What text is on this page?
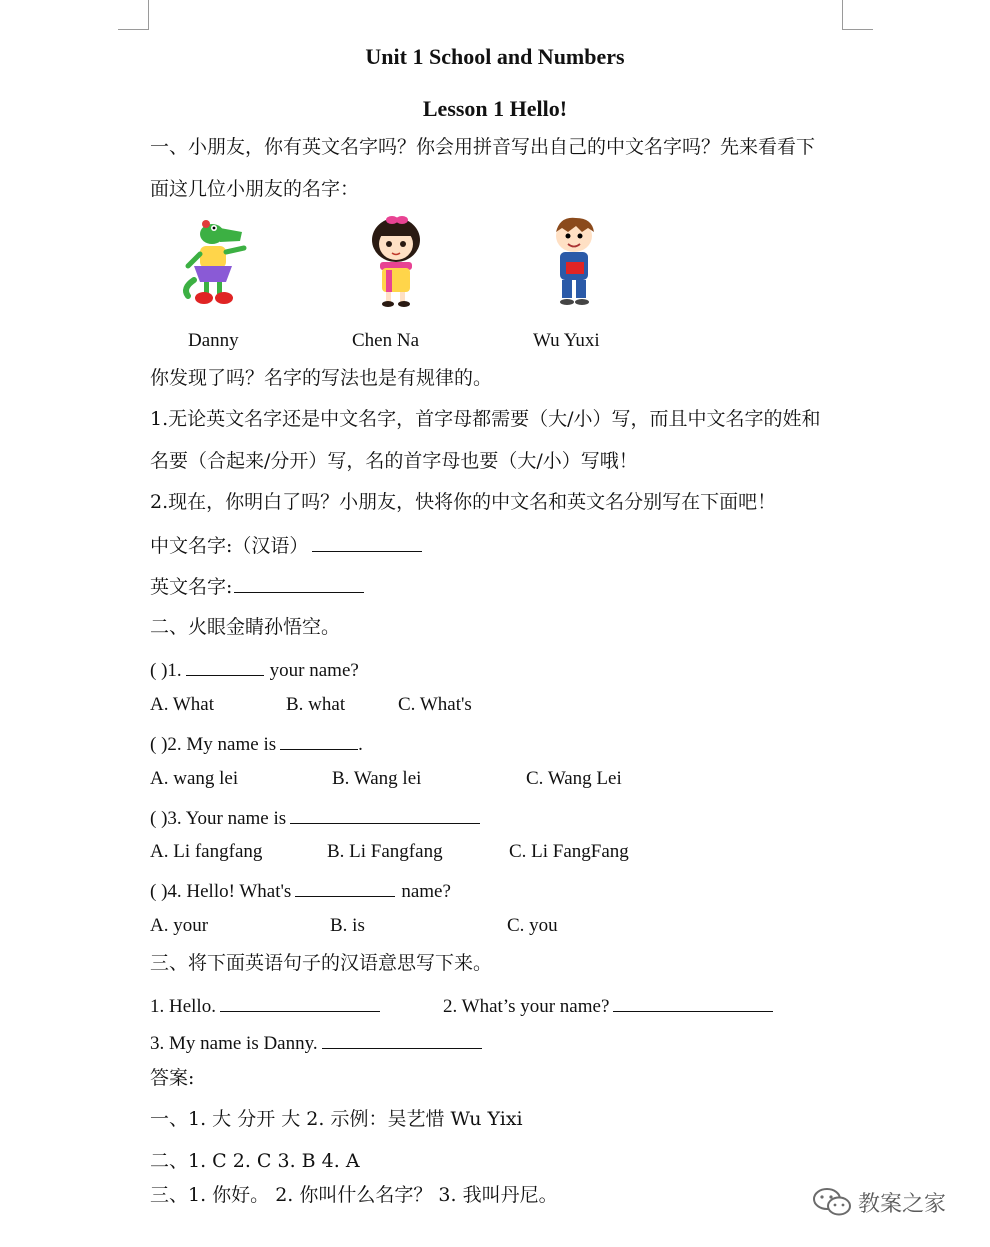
Unit 1 School and Numbers
Lesson 1 Hello!
一、小朋友，你有英文名字吗？你会用拼音写出自己的中文名字吗？先来看看下
面这几位小朋友的名字：
Danny	Chen Na	Wu Yuxi
你发现了吗？名字的写法也是有规律的。
1.无论英文名字还是中文名字，首字母都需要（大/小）写，而且中文名字的姓和
名要（合起来/分开）写，名的首字母也要（大/小）写哦！
2.现在，你明白了吗？小朋友，快将你的中文名和英文名分别写在下面吧！
中文名字:（汉语）
英文名字:
二、火眼金睛孙悟空。
( )1.	your name?
A. What	B. what	C. What's
( )2. My name is	.
A. wang lei	B. Wang lei	C. Wang Lei
( )3. Your name is
A. Li fangfang	B. Li Fangfang	C. Li FangFang
( )4. Hello! What's	name?
A. your	B. is	C. you
三、将下面英语句子的汉语意思写下来。
1. Hello.	2. What’s your name?
3. My name is Danny.
答案:
一、1. 大 分开 大 2. 示例：吴艺惜 Wu Yixi
二、1. C 2. C 3. B 4. A
三、1. 你好。 2. 你叫什么名字？ 3. 我叫丹尼。	教案之家
